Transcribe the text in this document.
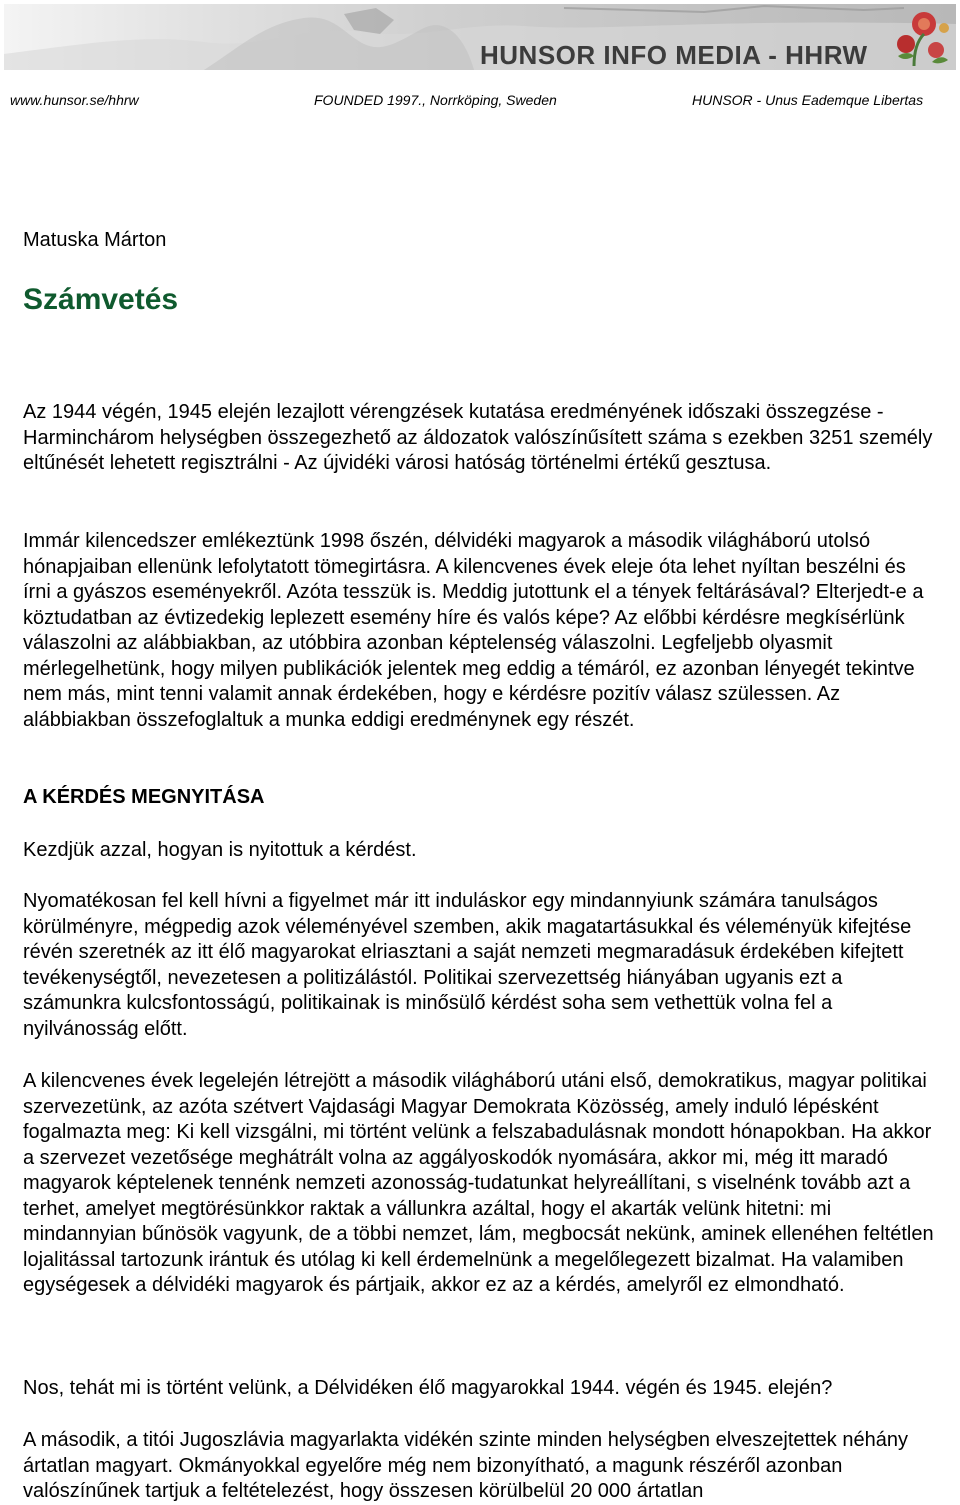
HUNSOR INFO MEDIA - HHRW
www.hunsor.se/hhrw	FOUNDED 1997., Norrköping, Sweden	HUNSOR - Unus Eademque Libertas
Matuska Márton
Számvetés

Az 1944 végén, 1945 elején lezajlott vérengzések kutatása eredményének időszaki összegzése - Harminchárom helységben összegezhető az áldozatok valószínűsített száma s ezekben 3251 személy eltűnését lehetett regisztrálni - Az újvidéki városi hatóság történelmi értékű gesztusa.

Immár kilencedszer emlékeztünk 1998 őszén, délvidéki magyarok a második világháború utolsó hónapjaiban ellenünk lefolytatott tömegirtásra. A kilencvenes évek eleje óta lehet nyíltan beszélni és írni a gyászos eseményekről. Azóta tesszük is. Meddig jutottunk el a tények feltárásával? Elterjedt-e a köztudatban az évtizedekig leplezett esemény híre és valós képe? Az előbbi kérdésre megkísérlünk válaszolni az alábbiakban, az utóbbira azonban képtelenség válaszolni. Legfeljebb olyasmit mérlegelhetünk, hogy milyen publikációk jelentek meg eddig a témáról, ez azonban lényegét tekintve nem más, mint tenni valamit annak érdekében, hogy e kérdésre pozitív válasz szülessen. Az alábbiakban összefoglaltuk a munka eddigi eredménynek egy részét.

A KÉRDÉS MEGNYITÁSA

Kezdjük azzal, hogyan is nyitottuk a kérdést.

Nyomatékosan fel kell hívni a figyelmet már itt induláskor egy mindannyiunk számára tanulságos körülményre, mégpedig azok véleményével szemben, akik magatartásukkal és véleményük kifejtése révén szeretnék az itt élő magyarokat elriasztani a saját nemzeti megmaradásuk érdekében kifejtett tevékenységtől, nevezetesen a politizálástól. Politikai szervezettség hiányában ugyanis ezt a számunkra kulcsfontosságú, politikainak is minősülő kérdést soha sem vethettük volna fel a nyilvánosság előtt.

A kilencvenes évek legelején létrejött a második világháború utáni első, demokratikus, magyar politikai szervezetünk, az azóta szétvert Vajdasági Magyar Demokrata Közösség, amely induló lépésként fogalmazta meg: Ki kell vizsgálni, mi történt velünk a felszabadulásnak mondott hónapokban. Ha akkor a szervezet vezetősége meghátrált volna az aggályoskodók nyomására, akkor mi, még itt maradó magyarok képtelenek tennénk nemzeti azonosság-tudatunkat helyreállítani, s viselnénk tovább azt a terhet, amelyet megtörésünkkor raktak a vállunkra azáltal, hogy el akarták velünk hitetni: mi mindannyian bűnösök vagyunk, de a többi nemzet, lám, megbocsát nekünk, aminek ellenéhen feltétlen lojalitással tartozunk irántuk és utólag ki kell érdemelnünk a megelőlegezett bizalmat. Ha valamiben egységesek a délvidéki magyarok és pártjaik, akkor ez az a kérdés, amelyről ez elmondható.

Nos, tehát mi is történt velünk, a Délvidéken élő magyarokkal 1944. végén és 1945. elején?

A második, a titói Jugoszlávia magyarlakta vidékén szinte minden helységben elveszejtettek néhány ártatlan magyart. Okmányokkal egyelőre még nem bizonyítható, a magunk részéről azonban valószínűnek tartjuk a feltételezést, hogy összesen körülbelül 20 000 ártatlan
